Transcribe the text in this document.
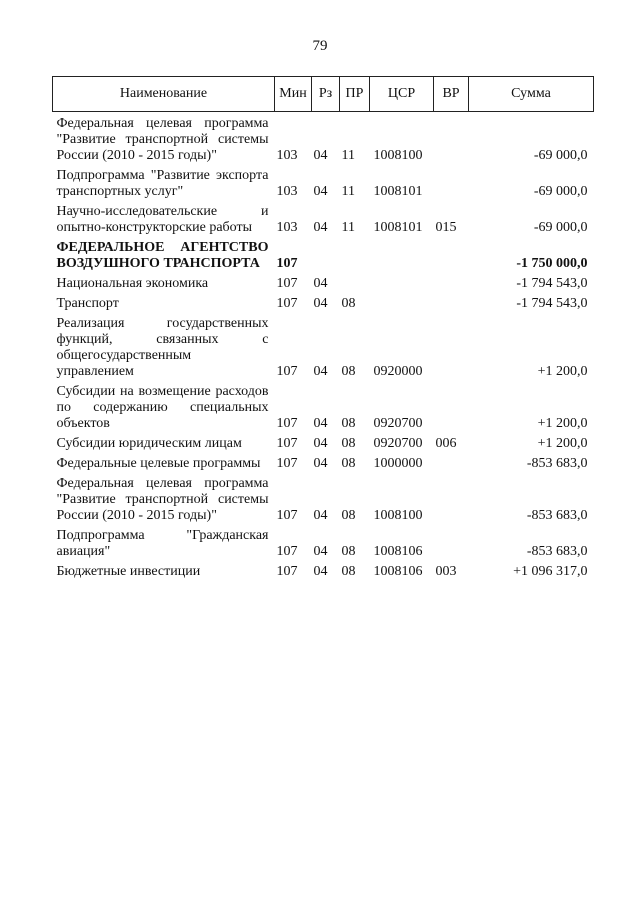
79
Наименование	Мин	Рз	ПР	ЦСР	ВР	Сумма
Федеральная целевая программа "Развитие транспортной системы России (2010 - 2015 годы)"	103	04	11	1008100		-69 000,0
Подпрограмма "Развитие экспорта транспортных услуг"	103	04	11	1008101		-69 000,0
Научно-исследовательские и опытно-конструкторские работы	103	04	11	1008101	015	-69 000,0
ФЕДЕРАЛЬНОЕ АГЕНТСТВО ВОЗДУШНОГО ТРАНСПОРТА	107					-1 750 000,0
Национальная экономика	107	04				-1 794 543,0
Транспорт	107	04	08			-1 794 543,0
Реализация государственных функций, связанных с общегосударственным управлением	107	04	08	0920000		+1 200,0
Субсидии на возмещение расходов по содержанию специальных объектов	107	04	08	0920700		+1 200,0
Субсидии юридическим лицам	107	04	08	0920700	006	+1 200,0
Федеральные целевые программы	107	04	08	1000000		-853 683,0
Федеральная целевая программа "Развитие транспортной системы России (2010 - 2015 годы)"	107	04	08	1008100		-853 683,0
Подпрограмма "Гражданская авиация"	107	04	08	1008106		-853 683,0
Бюджетные инвестиции	107	04	08	1008106	003	+1 096 317,0
